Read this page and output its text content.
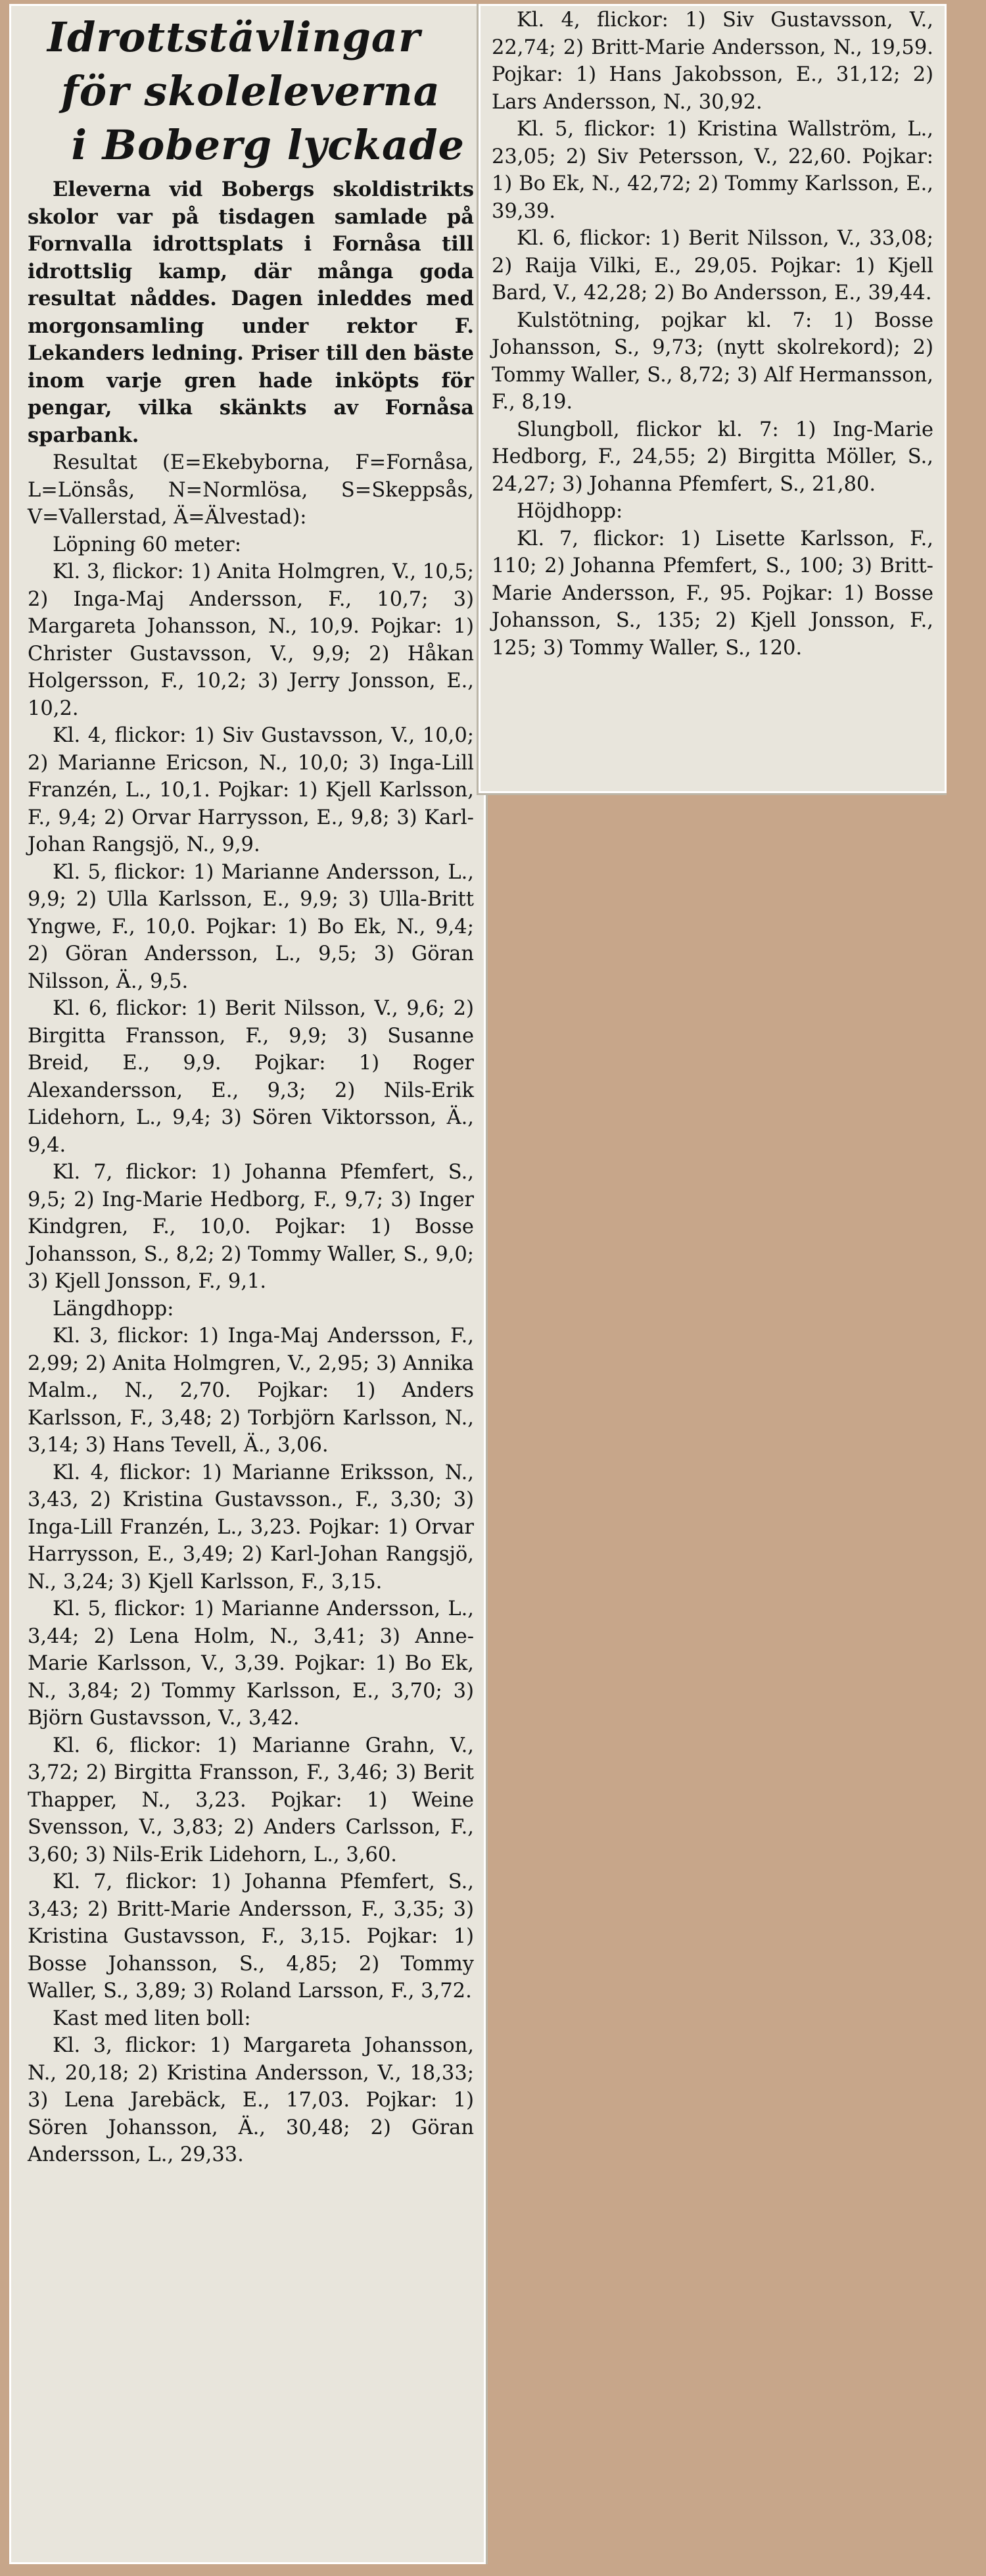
Idrottstävlingar
för skoleleverna
i Boberg lyckade

Eleverna vid Bobergs skoldistrikts skolor var på tisdagen samlade på Fornvalla idrottsplats i Fornåsa till idrottslig kamp, där många goda resultat nåddes. Dagen inleddes med morgonsamling under rektor F. Lekanders ledning. Priser till den bäste inom varje gren hade inköpts för pengar, vilka skänkts av Fornåsa sparbank.

Resultat (E=Ekebyborna, F=Fornåsa, L=Lönsås, N=Normlösa, S=Skeppsås, V=Vallerstad, Ä=Älvestad):

Löpning 60 meter:

Kl. 3, flickor: 1) Anita Holmgren, V., 10,5; 2) Inga-Maj Andersson, F., 10,7; 3) Margareta Johansson, N., 10,9. Pojkar: 1) Christer Gustavsson, V., 9,9; 2) Håkan Holgersson, F., 10,2; 3) Jerry Jonsson, E., 10,2.

Kl. 4, flickor: 1) Siv Gustavsson, V., 10,0; 2) Marianne Ericson, N., 10,0; 3) Inga-Lill Franzén, L., 10,1. Pojkar: 1) Kjell Karlsson, F., 9,4; 2) Orvar Harrysson, E., 9,8; 3) Karl-Johan Rangsjö, N., 9,9.

Kl. 5, flickor: 1) Marianne Andersson, L., 9,9; 2) Ulla Karlsson, E., 9,9; 3) Ulla-Britt Yngwe, F., 10,0. Pojkar: 1) Bo Ek, N., 9,4; 2) Göran Andersson, L., 9,5; 3) Göran Nilsson, Ä., 9,5.

Kl. 6, flickor: 1) Berit Nilsson, V., 9,6; 2) Birgitta Fransson, F., 9,9; 3) Susanne Breid, E., 9,9. Pojkar: 1) Roger Alexandersson, E., 9,3; 2) Nils-Erik Lidehorn, L., 9,4; 3) Sören Viktorsson, Ä., 9,4.

Kl. 7, flickor: 1) Johanna Pfemfert, S., 9,5; 2) Ing-Marie Hedborg, F., 9,7; 3) Inger Kindgren, F., 10,0. Pojkar: 1) Bosse Johansson, S., 8,2; 2) Tommy Waller, S., 9,0; 3) Kjell Jonsson, F., 9,1.

Längdhopp:

Kl. 3, flickor: 1) Inga-Maj Andersson, F., 2,99; 2) Anita Holmgren, V., 2,95; 3) Annika Malm., N., 2,70. Pojkar: 1) Anders Karlsson, F., 3,48; 2) Torbjörn Karlsson, N., 3,14; 3) Hans Tevell, Ä., 3,06.

Kl. 4, flickor: 1) Marianne Eriksson, N., 3,43, 2) Kristina Gustavsson., F., 3,30; 3) Inga-Lill Franzén, L., 3,23. Pojkar: 1) Orvar Harrysson, E., 3,49; 2) Karl-Johan Rangsjö, N., 3,24; 3) Kjell Karlsson, F., 3,15.

Kl. 5, flickor: 1) Marianne Andersson, L., 3,44; 2) Lena Holm, N., 3,41; 3) Anne-Marie Karlsson, V., 3,39. Pojkar: 1) Bo Ek, N., 3,84; 2) Tommy Karlsson, E., 3,70; 3) Björn Gustavsson, V., 3,42.

Kl. 6, flickor: 1) Marianne Grahn, V., 3,72; 2) Birgitta Fransson, F., 3,46; 3) Berit Thapper, N., 3,23. Pojkar: 1) Weine Svensson, V., 3,83; 2) Anders Carlsson, F., 3,60; 3) Nils-Erik Lidehorn, L., 3,60.

Kl. 7, flickor: 1) Johanna Pfemfert, S., 3,43; 2) Britt-Marie Andersson, F., 3,35; 3) Kristina Gustavsson, F., 3,15. Pojkar: 1) Bosse Johansson, S., 4,85; 2) Tommy Waller, S., 3,89; 3) Roland Larsson, F., 3,72.

Kast med liten boll:

Kl. 3, flickor: 1) Margareta Johansson, N., 20,18; 2) Kristina Andersson, V., 18,33; 3) Lena Jarebäck, E., 17,03. Pojkar: 1) Sören Johansson, Ä., 30,48; 2) Göran Andersson, L., 29,33.

Kl. 4, flickor: 1) Siv Gustavsson, V., 22,74; 2) Britt-Marie Andersson, N., 19,59. Pojkar: 1) Hans Jakobsson, E., 31,12; 2) Lars Andersson, N., 30,92.

Kl. 5, flickor: 1) Kristina Wallström, L., 23,05; 2) Siv Petersson, V., 22,60. Pojkar: 1) Bo Ek, N., 42,72; 2) Tommy Karlsson, E., 39,39.

Kl. 6, flickor: 1) Berit Nilsson, V., 33,08; 2) Raija Vilki, E., 29,05. Pojkar: 1) Kjell Bard, V., 42,28; 2) Bo Andersson, E., 39,44.

Kulstötning, pojkar kl. 7: 1) Bosse Johansson, S., 9,73; (nytt skolrekord); 2) Tommy Waller, S., 8,72; 3) Alf Hermansson, F., 8,19.

Slungboll, flickor kl. 7: 1) Ing-Marie Hedborg, F., 24,55; 2) Birgitta Möller, S., 24,27; 3) Johanna Pfemfert, S., 21,80.

Höjdhopp:

Kl. 7, flickor: 1) Lisette Karlsson, F., 110; 2) Johanna Pfemfert, S., 100; 3) Britt-Marie Andersson, F., 95. Pojkar: 1) Bosse Johansson, S., 135; 2) Kjell Jonsson, F., 125; 3) Tommy Waller, S., 120.
